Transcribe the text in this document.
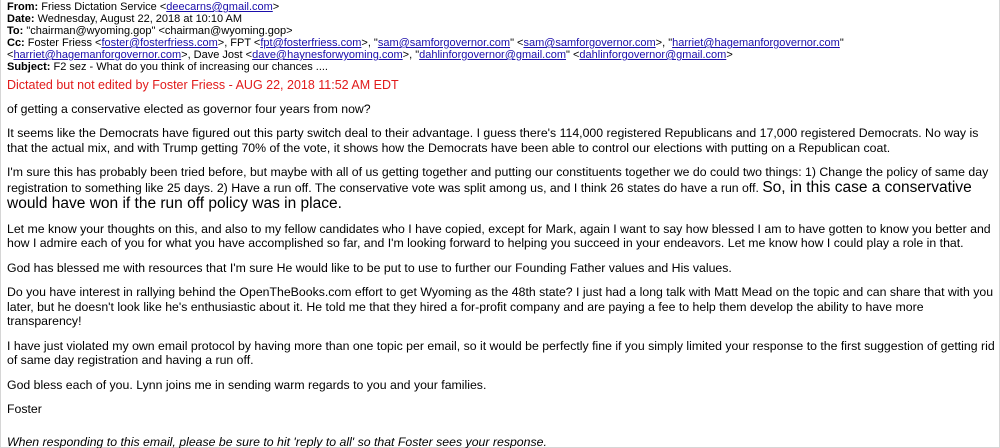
From: Friess Dictation Service <deecarns@gmail.com>
Date: Wednesday, August 22, 2018 at 10:10 AM
To: "chairman@wyoming.gop" <chairman@wyoming.gop>
Cc: Foster Friess <foster@fosterfriess.com>, FPT <fpt@fosterfriess.com>, "sam@samforgovernor.com" <sam@samforgovernor.com>, "harriet@hagemanforgovernor.com" <harriet@hagemanforgovernor.com>, Dave Jost <dave@haynesforwyoming.com>, "dahlinforgovernor@gmail.com" <dahlinforgovernor@gmail.com>
Subject: F2 sez - What do you think of increasing our chances ....
Dictated but not edited by Foster Friess - AUG 22, 2018 11:52 AM EDT

of getting a conservative elected as governor four years from now?

It seems like the Democrats have figured out this party switch deal to their advantage. I guess there's 114,000 registered Republicans and 17,000 registered Democrats. No way is that the actual mix, and with Trump getting 70% of the vote, it shows how the Democrats have been able to control our elections with putting on a Republican coat.

I'm sure this has probably been tried before, but maybe with all of us getting together and putting our constituents together we do could two things: 1) Change the policy of same day registration to something like 25 days. 2) Have a run off. The conservative vote was split among us, and I think 26 states do have a run off. So, in this case a conservative would have won if the run off policy was in place.

Let me know your thoughts on this, and also to my fellow candidates who I have copied, except for Mark, again I want to say how blessed I am to have gotten to know you better and how I admire each of you for what you have accomplished so far, and I'm looking forward to helping you succeed in your endeavors. Let me know how I could play a role in that.

God has blessed me with resources that I'm sure He would like to be put to use to further our Founding Father values and His values.

Do you have interest in rallying behind the OpenTheBooks.com effort to get Wyoming as the 48th state? I just had a long talk with Matt Mead on the topic and can share that with you later, but he doesn't look like he's enthusiastic about it. He told me that they hired a for-profit company and are paying a fee to help them develop the ability to have more transparency!

I have just violated my own email protocol by having more than one topic per email, so it would be perfectly fine if you simply limited your response to the first suggestion of getting rid of same day registration and having a run off.

God bless each of you. Lynn joins me in sending warm regards to you and your families.

Foster

When responding to this email, please be sure to hit 'reply to all' so that Foster sees your response.
